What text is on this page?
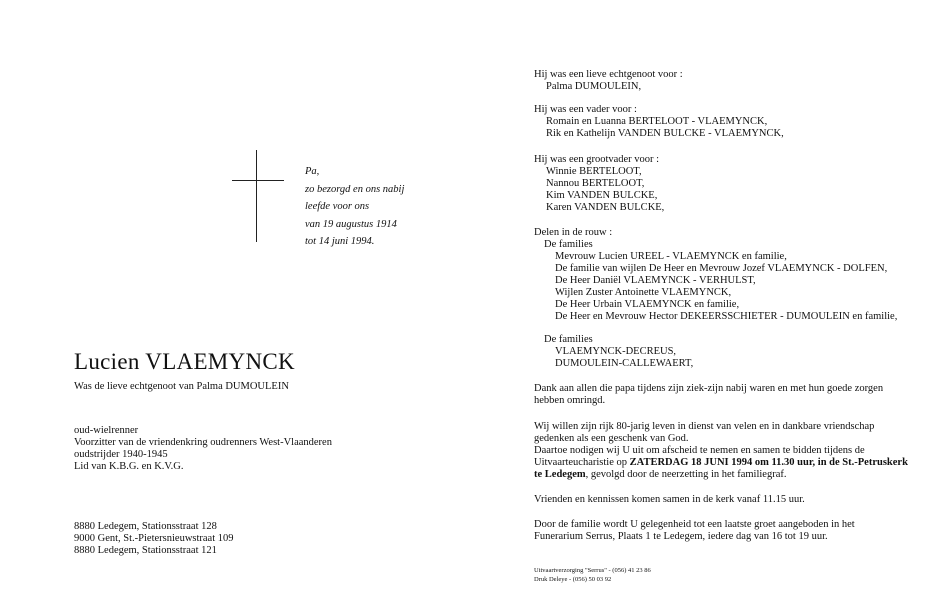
Pa,
zo bezorgd en ons nabij
leefde voor ons
van 19 augustus 1914
tot 14 juni 1994.
Lucien VLAEMYNCK
Was de lieve echtgenoot van Palma DUMOULEIN
oud-wielrenner
Voorzitter van de vriendenkring oudrenners West-Vlaanderen
oudstrijder 1940-1945
Lid van K.B.G. en K.V.G.
8880 Ledegem, Stationsstraat 128
9000 Gent, St.-Pietersnieuwstraat 109
8880 Ledegem, Stationsstraat 121
Hij was een lieve echtgenoot voor :
Palma DUMOULEIN,
Hij was een vader voor :
Romain en Luanna BERTELOOT - VLAEMYNCK,
Rik en Kathelijn VANDEN BULCKE - VLAEMYNCK,
Hij was een grootvader voor :
Winnie BERTELOOT,
Nannou BERTELOOT,
Kim VANDEN BULCKE,
Karen VANDEN BULCKE,
Delen in de rouw :
De families
Mevrouw Lucien UREEL - VLAEMYNCK en familie,
De familie van wijlen De Heer en Mevrouw Jozef VLAEMYNCK - DOLFEN,
De Heer Daniël VLAEMYNCK - VERHULST,
Wijlen Zuster Antoinette VLAEMYNCK,
De Heer Urbain VLAEMYNCK en familie,
De Heer en Mevrouw Hector DEKEERSSCHIETER - DUMOULEIN en familie,
De families
VLAEMYNCK-DECREUS,
DUMOULEIN-CALLEWAERT,
Dank aan allen die papa tijdens zijn ziek-zijn nabij waren en met hun goede zorgen
hebben omringd.
Wij willen zijn rijk 80-jarig leven in dienst van velen en in dankbare vriendschap
gedenken als een geschenk van God.
Daartoe nodigen wij U uit om afscheid te nemen en samen te bidden tijdens de
Uitvaarteucharistie op ZATERDAG 18 JUNI 1994 om 11.30 uur, in de St.-Petruskerk
te Ledegem, gevolgd door de neerzetting in het familiegraf.
Vrienden en kennissen komen samen in de kerk vanaf 11.15 uur.
Door de familie wordt U gelegenheid tot een laatste groet aangeboden in het
Funerarium Serrus, Plaats 1 te Ledegem, iedere dag van 16 tot 19 uur.
Uitvaartverzorging "Serrus" - (056) 41 23 86
Druk Deleye - (056) 50 03 92
